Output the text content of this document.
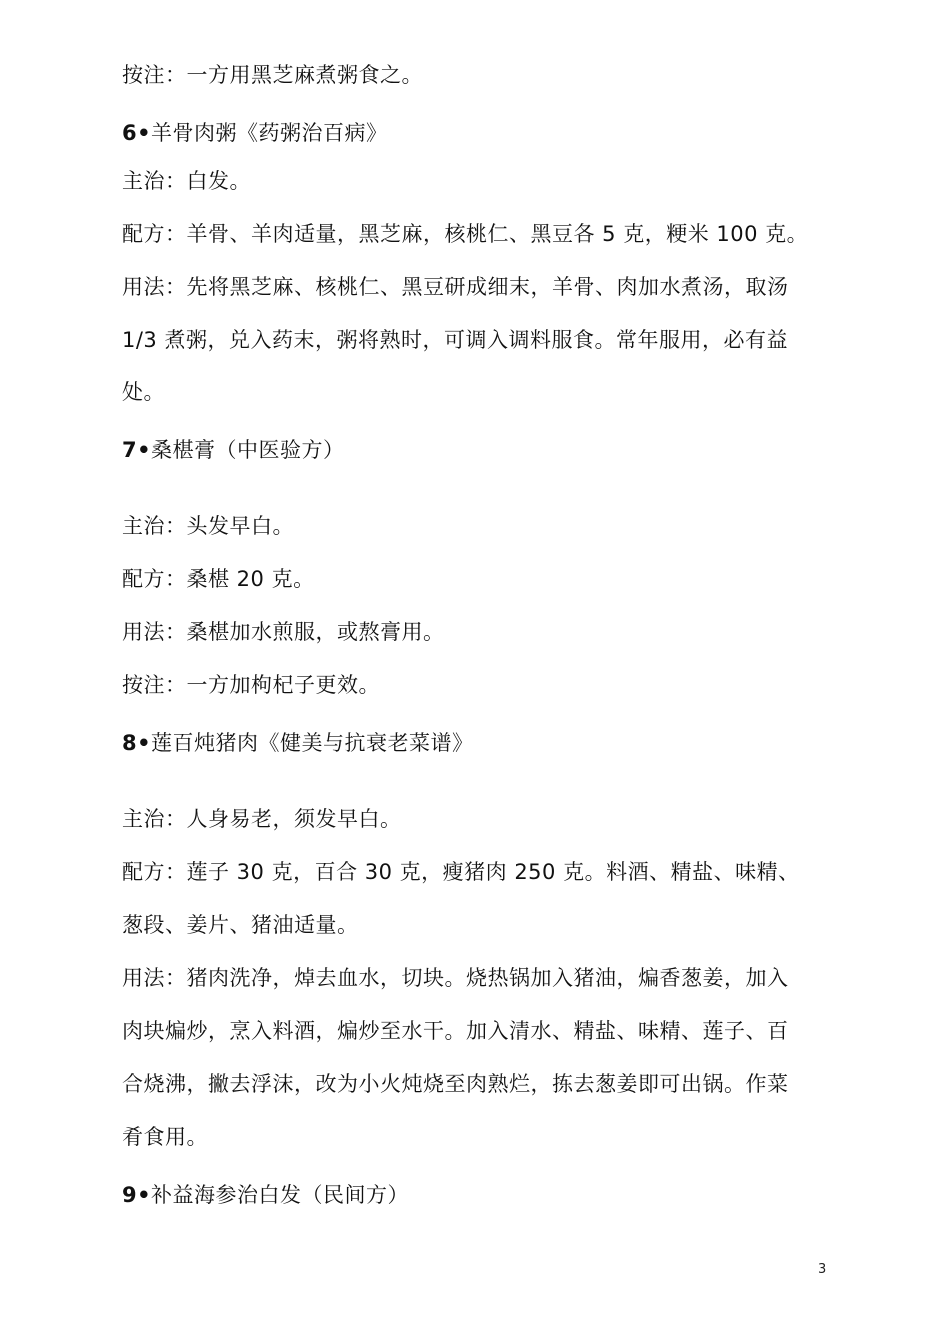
按注：一方用黑芝麻煮粥食之。
6•羊骨肉粥《药粥治百病》
主治：白发。
配方：羊骨、羊肉适量，黑芝麻，核桃仁、黑豆各 5 克，粳米 100 克。
用法：先将黑芝麻、核桃仁、黑豆研成细末，羊骨、肉加水煮汤，取汤
1/3 煮粥，兑入药末，粥将熟时，可调入调料服食。常年服用，必有益
处。
7•桑椹膏（中医验方）
主治：头发早白。
配方：桑椹 20 克。
用法：桑椹加水煎服，或熬膏用。
按注：一方加枸杞子更效。
8•莲百炖猪肉《健美与抗衰老菜谱》
主治：人身易老，须发早白。
配方：莲子 30 克，百合 30 克，瘦猪肉 250 克。料酒、精盐、味精、
葱段、姜片、猪油适量。
用法：猪肉洗净，焯去血水，切块。烧热锅加入猪油，煸香葱姜，加入
肉块煸炒，烹入料酒，煸炒至水干。加入清水、精盐、味精、莲子、百
合烧沸，撇去浮沫，改为小火炖烧至肉熟烂，拣去葱姜即可出锅。作菜
肴食用。
9•补益海参治白发（民间方）
3
